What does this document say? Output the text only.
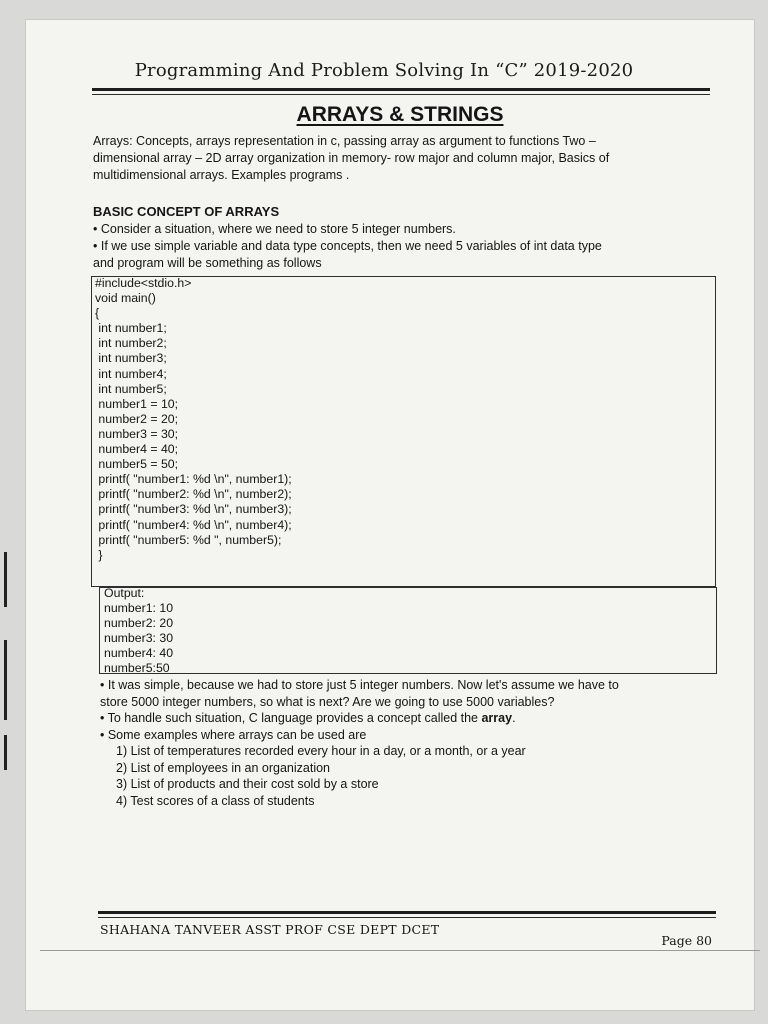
Programming And Problem Solving In “C” 2019-2020
ARRAYS & STRINGS
Arrays: Concepts, arrays representation in c, passing array as argument to functions Two –
dimensional array – 2D array organization in memory- row major and column major, Basics of
multidimensional arrays. Examples programs .
BASIC CONCEPT OF ARRAYS
• Consider a situation, where we need to store 5 integer numbers.
• If we use simple variable and data type concepts, then we need 5 variables of int data type
and program will be something as follows
#include<stdio.h>
void main()
{
int number1;
int number2;
int number3;
int number4;
int number5;
number1 = 10;
number2 = 20;
number3 = 30;
number4 = 40;
number5 = 50;
printf( "number1: %d \n", number1);
printf( "number2: %d \n", number2);
printf( "number3: %d \n", number3);
printf( "number4: %d \n", number4);
printf( "number5: %d ", number5);
}
Output:
number1: 10
number2: 20
number3: 30
number4: 40
number5:50
• It was simple, because we had to store just 5 integer numbers. Now let's assume we have to
store 5000 integer numbers, so what is next? Are we going to use 5000 variables?
• To handle such situation, C language provides a concept called the array.
• Some examples where arrays can be used are
1) List of temperatures recorded every hour in a day, or a month, or a year
2) List of employees in an organization
3) List of products and their cost sold by a store
4) Test scores of a class of students
SHAHANA TANVEER ASST PROF CSE DEPT DCET
Page 80
